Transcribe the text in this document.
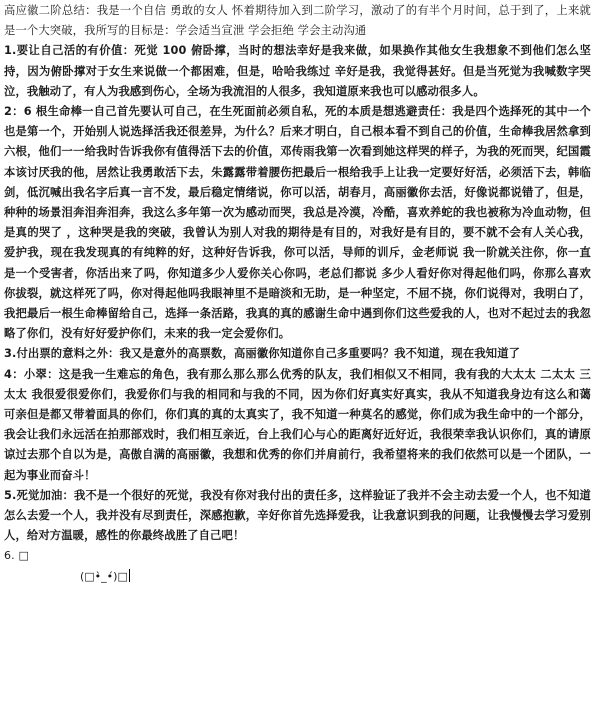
高应徽二阶总结：我是一个自信 勇敢的女人 怀着期待加入到二阶学习，激动了的有半个月时间，总于到了，上来就是一个大突破，我所写的目标是：学会适当宣泄 学会拒绝 学会主动沟通

1.要让自己活的有价值：死觉 100 俯卧撑，当时的想法幸好是我来做，如果换作其他女生我想象不到他们怎么坚持，因为俯卧撑对于女生来说做一个都困难，但是，哈哈我练过 辛好是我，我觉得甚好。但是当死觉为我喊数字哭泣，我触动了，有人为我感到伤心，全场为我流泪的人很多，我知道原来我也可以感动很多人。

2：6 根生命棒一自己首先要认可自己，在生死面前必须自私，死的本质是想逃避责任：我是四个选择死的其中一个也是第一个，开始别人说选择活我还很差异，为什么？后来才明白，自己根本看不到自己的价值，生命棒我居然拿到六根，他们一一给我时告诉我你有值得活下去的价值，邓传雨我第一次看到她这样哭的样子，为我的死而哭，纪国霞本该讨厌我的他，居然让我勇敢活下去，朱露露带着腰伤把最后一根给我手上让我一定要好好活，必须活下去，韩临剑，低沉喊出我名字后真一言不发，最后稳定情绪说，你可以活，胡春月，高丽徽你去活，好像说都说错了，但是，种种的场景泪奔泪奔泪奔，我这么多年第一次为感动而哭，我总是冷漠，冷酷，喜欢养蛇的我也被称为冷血动物，但是真的哭了 ，这种哭是我的突破，我曾认为别人对我的期待是有目的，对我好是有目的，要不就不会有人关心我，爱护我，现在我发现真的有纯粹的好，这种好告诉我，你可以活，导师的训斥，金老师说 我一阶就关注你，你一直是一个受害者，你活出来了吗，你知道多少人爱你关心你吗，老总们都说 多少人看好你对得起他们吗，你那么喜欢你拔裂，就这样死了吗，你对得起他吗我眼神里不是暗淡和无助，是一种坚定，不屈不挠，你们说得对，我明白了，我把最后一根生命棒留给自己，选择一条活路，我真的真的感谢生命中遇到你们这些爱我的人，也对不起过去的我忽略了你们，没有好好爱护你们，未来的我一定会爱你们。

3.付出票的意料之外：我又是意外的高票数，高丽徽你知道你自己多重要吗？我不知道，现在我知道了

4：小翠：这是我一生难忘的角色，我有那么那么那么优秀的队友，我们相似又不相同，我有我的大太太 二太太 三太太 我很爱很爱你们，我爱你们与我的相同和与我的不同，因为你们好真实好真实，我从不知道我身边有这么和蔼可亲但是都又带着面具的你们，你们真的真的太真实了，我不知道一种莫名的感觉，你们成为我生命中的一个部分，我会让我们永远活在拍那部戏时，我们相互亲近，台上我们心与心的距离好近好近，我很荣幸我认识你们，真的请原谅过去那个自以为是，高傲自满的高丽徽，我想和优秀的你们并肩前行，我希望将来的我们依然可以是一个团队，一起为事业而奋斗！

5.死觉加油：我不是一个很好的死觉，我没有你对我付出的责任多，这样验证了我并不会主动去爱一个人，也不知道怎么去爱一个人，我并没有尽到责任，深感抱歉，辛好你首先选择爱我，让我意识到我的问题，让我慢慢去学习爱别人，给对方温暖，感性的你最终战胜了自己吧！

6. □

(□•̀_•́)□
